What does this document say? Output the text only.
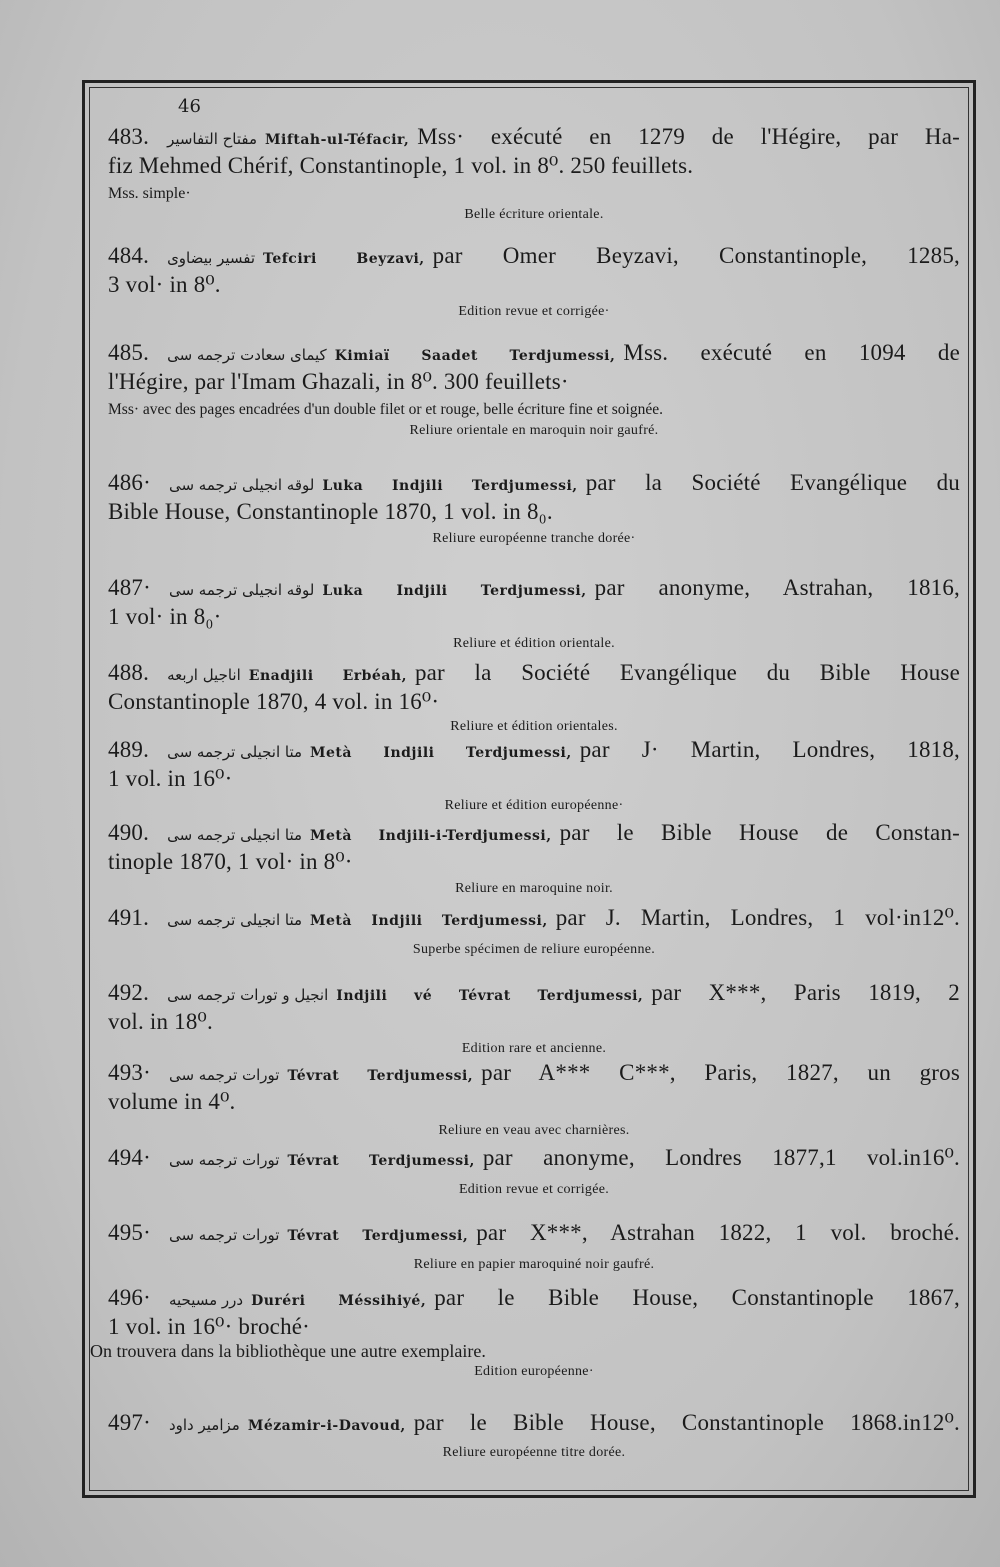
46
483. مفتاح التفاسير Miftah-ul-Téfacir, Mss· exécuté en 1279 de l'Hégire, par Ha-
fiz Mehmed Chérif, Constantinople, 1 vol. in 8⁰. 250 feuillets.
Mss. simple·
Belle écriture orientale.
484. تفسير بيضاوى Tefciri Beyzavi, par Omer Beyzavi, Constantinople, 1285,
3 vol· in 8⁰.
Edition revue et corrigée·
485. كيماى سعادت ترجمه سى Kimiaï Saadet Terdjumessi, Mss. exécuté en 1094 de
l'Hégire, par l'Imam Ghazali, in 8⁰. 300 feuillets·
Mss· avec des pages encadrées d'un double filet or et rouge, belle écriture fine et soignée.
Reliure orientale en maroquin noir gaufré.
486· لوقه انجيلى ترجمه سى Luka Indjili Terdjumessi, par la Société Evangélique du
Bible House, Constantinople 1870, 1 vol. in 8₀.
Reliure européenne tranche dorée·
487· لوقه انجيلى ترجمه سى Luka Indjili Terdjumessi, par anonyme, Astrahan, 1816,
1 vol· in 8₀·
Reliure et édition orientale.
488. اناجيل اربعه Enadjili Erbéah, par la Société Evangélique du Bible House
Constantinople 1870, 4 vol. in 16⁰·
Reliure et édition orientales.
489. متا انجيلى ترجمه سى Metà Indjili Terdjumessi, par J· Martin, Londres, 1818,
1 vol. in 16⁰·
Reliure et édition européenne·
490. متا انجيلى ترجمه سى Metà Indjili-i-Terdjumessi, par le Bible House de Constan-
tinople 1870, 1 vol· in 8⁰·
Reliure en maroquine noir.
491. متا انجيلى ترجمه سى Metà Indjili Terdjumessi, par J. Martin, Londres, 1 vol·in12⁰.
Superbe spécimen de reliure européenne.
492. انجيل و تورات ترجمه سى Indjili vé Tévrat Terdjumessi, par X***, Paris 1819, 2
vol. in 18⁰.
Edition rare et ancienne.
493· تورات ترجمه سى Tévrat Terdjumessi, par A*** C***, Paris, 1827, un gros
volume in 4⁰.
Reliure en veau avec charnières.
494· تورات ترجمه سى Tévrat Terdjumessi, par anonyme, Londres 1877,1 vol.in16⁰.
Edition revue et corrigée.
495· تورات ترجمه سى Tévrat Terdjumessi, par X***, Astrahan 1822, 1 vol. broché.
Reliure en papier maroquiné noir gaufré.
496· درر مسيحيه Duréri Méssihiyé, par le Bible House, Constantinople 1867,
1 vol. in 16⁰· broché·
On trouvera dans la bibliothèque une autre exemplaire.
Edition européenne·
497· مزامير داود Mézamir-i-Davoud, par le Bible House, Constantinople 1868.in12⁰.
Reliure européenne titre dorée.
